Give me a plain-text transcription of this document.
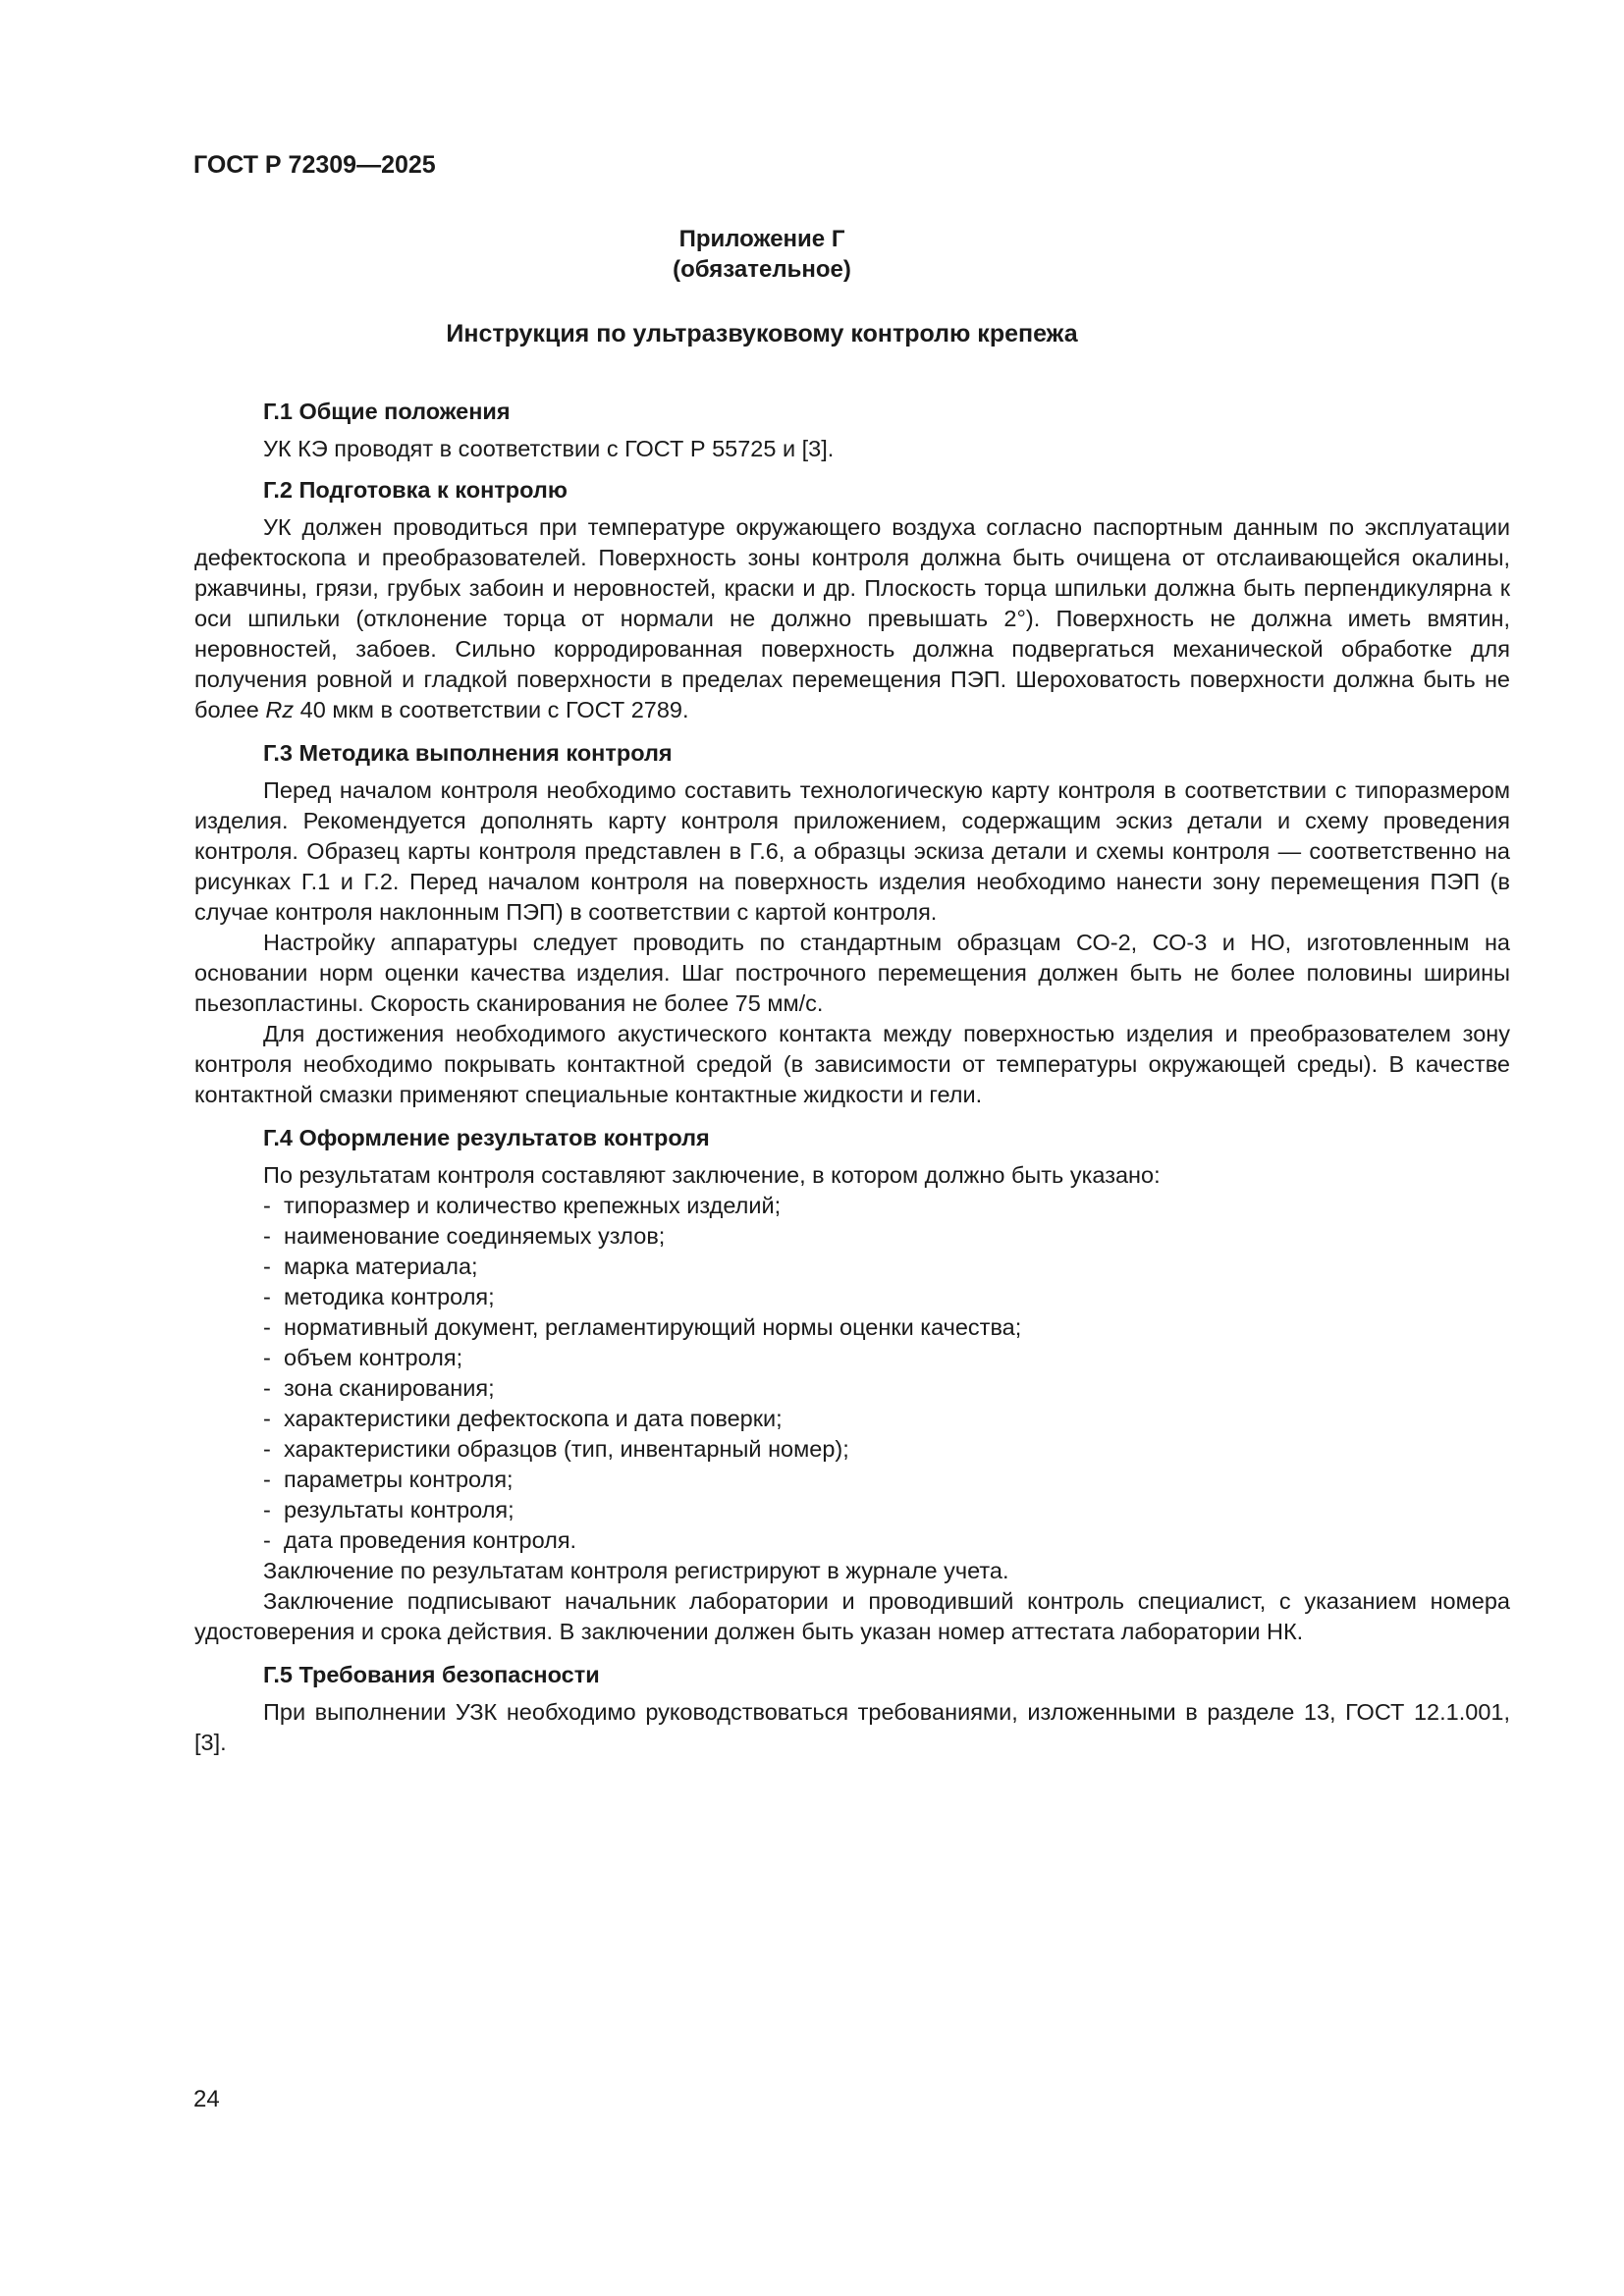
ГОСТ Р 72309—2025
Приложение Г
(обязательное)
Инструкция по ультразвуковому контролю крепежа
Г.1 Общие положения

УК КЭ проводят в соответствии с ГОСТ Р 55725 и [3].

Г.2 Подготовка к контролю

УК должен проводиться при температуре окружающего воздуха согласно паспортным данным по эксплуатации дефектоскопа и преобразователей. Поверхность зоны контроля должна быть очищена от отслаивающейся окалины, ржавчины, грязи, грубых забоин и неровностей, краски и др. Плоскость торца шпильки должна быть перпендикулярна к оси шпильки (отклонение торца от нормали не должно превышать 2°). Поверхность не должна иметь вмятин, неровностей, забоев. Сильно корродированная поверхность должна подвергаться механической обработке для получения ровной и гладкой поверхности в пределах перемещения ПЭП. Шероховатость поверхности должна быть не более Rz 40 мкм в соответствии с ГОСТ 2789.

Г.3 Методика выполнения контроля

Перед началом контроля необходимо составить технологическую карту контроля в соответствии с типоразмером изделия. Рекомендуется дополнять карту контроля приложением, содержащим эскиз детали и схему проведения контроля. Образец карты контроля представлен в Г.6, а образцы эскиза детали и схемы контроля — соответственно на рисунках Г.1 и Г.2. Перед началом контроля на поверхность изделия необходимо нанести зону перемещения ПЭП (в случае контроля наклонным ПЭП) в соответствии с картой контроля.

Настройку аппаратуры следует проводить по стандартным образцам СО-2, СО-3 и НО, изготовленным на основании норм оценки качества изделия. Шаг построчного перемещения должен быть не более половины ширины пьезопластины. Скорость сканирования не более 75 мм/с.

Для достижения необходимого акустического контакта между поверхностью изделия и преобразователем зону контроля необходимо покрывать контактной средой (в зависимости от температуры окружающей среды). В качестве контактной смазки применяют специальные контактные жидкости и гели.

Г.4 Оформление результатов контроля

По результатам контроля составляют заключение, в котором должно быть указано:

- типоразмер и количество крепежных изделий;
- наименование соединяемых узлов;
- марка материала;
- методика контроля;
- нормативный документ, регламентирующий нормы оценки качества;
- объем контроля;
- зона сканирования;
- характеристики дефектоскопа и дата поверки;
- характеристики образцов (тип, инвентарный номер);
- параметры контроля;
- результаты контроля;
- дата проведения контроля.

Заключение по результатам контроля регистрируют в журнале учета.

Заключение подписывают начальник лаборатории и проводивший контроль специалист, с указанием номера удостоверения и срока действия. В заключении должен быть указан номер аттестата лаборатории НК.

Г.5 Требования безопасности

При выполнении УЗК необходимо руководствоваться требованиями, изложенными в разделе 13, ГОСТ 12.1.001, [3].

24
